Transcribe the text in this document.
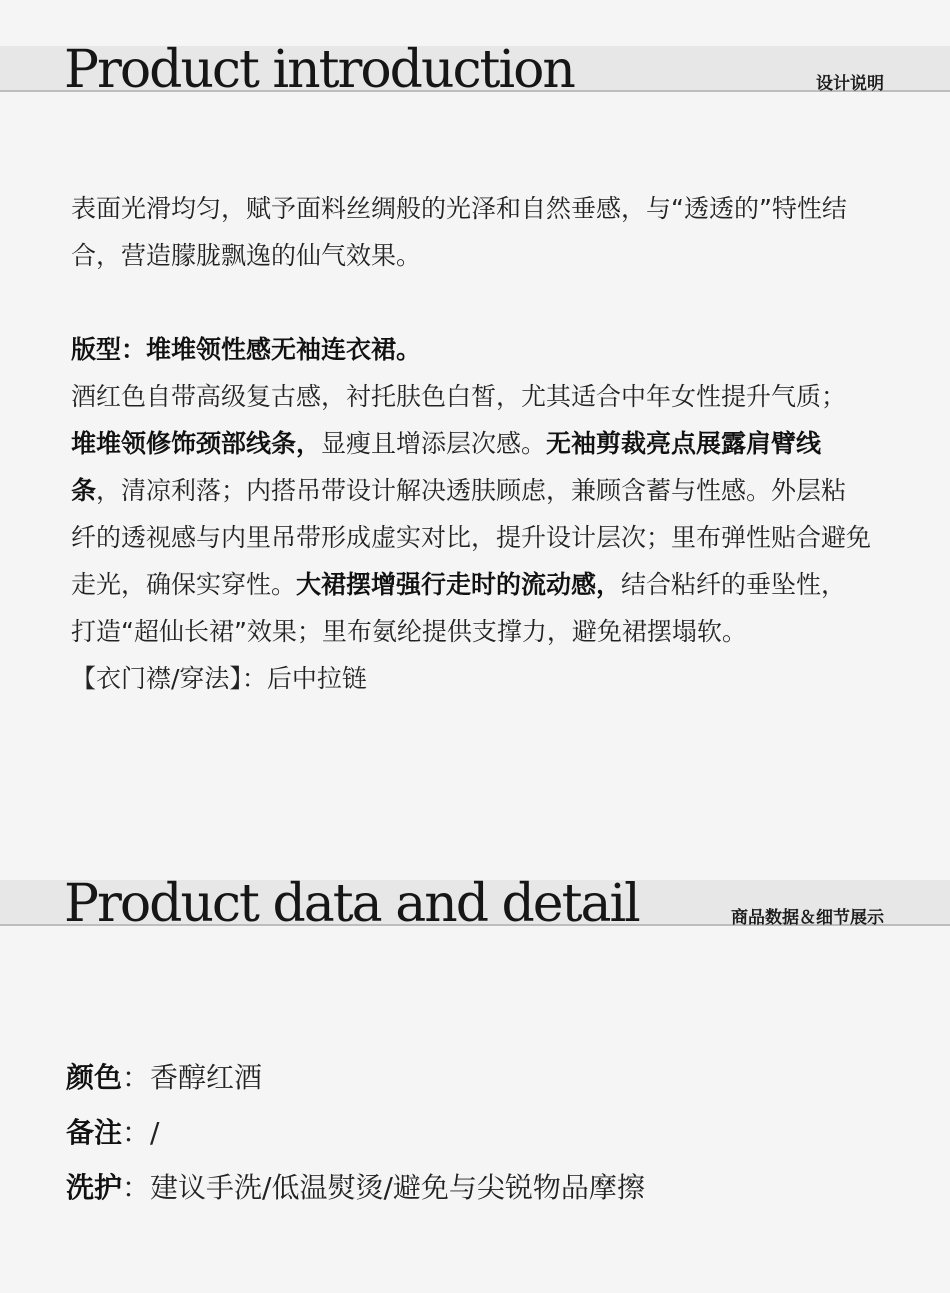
Product introduction	设计说明

表面光滑均匀，赋予面料丝绸般的光泽和自然垂感，与“透透的”特性结合，营造朦胧飘逸的仙气效果。

版型：堆堆领性感无袖连衣裙。

酒红色自带高级复古感，衬托肤色白皙，尤其适合中年女性提升气质；堆堆领修饰颈部线条，显瘦且增添层次感。无袖剪裁亮点展露肩臂线条，清凉利落；内搭吊带设计解决透肤顾虑，兼顾含蓄与性感。外层粘纤的透视感与内里吊带形成虚实对比，提升设计层次；里布弹性贴合避免走光，确保实穿性。大裙摆增强行走时的流动感，结合粘纤的垂坠性，打造“超仙长裙”效果；里布氨纶提供支撑力，避免裙摆塌软。

【衣门襟/穿法】：后中拉链

Product data and detail	商品数据＆细节展示
颜色：香醇红酒
备注：/
洗护：建议手洗/低温熨烫/避免与尖锐物品摩擦
